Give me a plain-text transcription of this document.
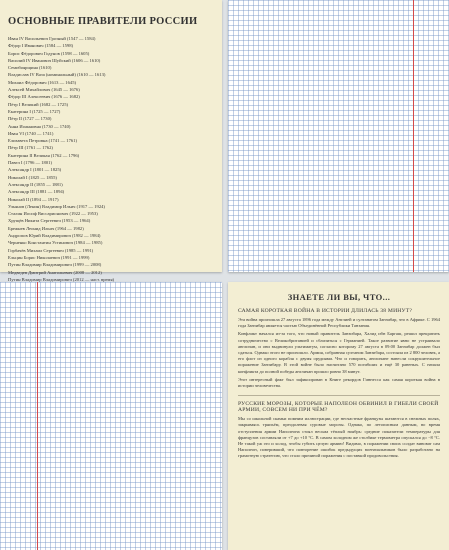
ОСНОВНЫЕ ПРАВИТЕЛИ РОССИИ
Иван IV Васильевич Грозный (1547 — 1584)
Фёдор I Иванович (1584 — 1598)
Борис Фёдорович Годунов (1598 — 1605)
Василий IV Иванович Шуйский (1606 — 1610)
Семибоярщина (1610)
Владислав IV Ваза (номинальный) (1610 — 1613)
Михаил Фёдорович (1613 — 1645)
Алексей Михайлович (1645 — 1676)
Фёдор III Алексеевич (1676 — 1682)
Пётр I Великий (1682 — 1725)
Екатерина I (1725 — 1727)
Пётр II (1727 — 1730)
Анна Иоанновна (1730 — 1740)
Иван VI (1740 — 1741)
Елизавета Петровна (1741 — 1761)
Пётр III (1761 — 1762)
Екатерина II Великая (1762 — 1796)
Павел I (1796 — 1801)
Александр I (1801 — 1825)
Николай I (1825 — 1855)
Александр II (1855 — 1881)
Александр III (1881 — 1894)
Николай II (1894 — 1917)
Ульянов (Ленин) Владимир Ильич (1917 — 1924)
Сталин Иосиф Виссарионович (1922 — 1953)
Хрущёв Никита Сергеевич (1953 — 1964)
Брежнев Леонид Ильич (1964 — 1982)
Андропов Юрий Владимирович (1982 — 1984)
Черненко Константин Устинович (1984 — 1985)
Горбачёв Михаил Сергеевич (1985 — 1991)
Ельцин Борис Николаевич (1991 — 1999)
Путин Владимир Владимирович (1999 — 2008)
Медведев Дмитрий Анатольевич (2008 — 2012)
Путин Владимир Владимирович (2012 — наст. время)
ЗНАЕТЕ ЛИ ВЫ, ЧТО...
САМАЯ КОРОТКАЯ ВОЙНА В ИСТОРИИ ДЛИЛАСЬ 38 МИНУТ?

Эта война произошла 27 августа 1896 года между Англией и султанатом Занзибар, что в Африке. С 1964 года Занзибар является частью Объединённой Республики Танзания.

Конфликт начался из-за того, что новый правитель Занзибара, Халид ибн Баргаш, решил прекратить сотрудничество с Великобританией и сблизиться с Германией. Такое развитие явно не устраивало англичан, и они выдвинули ультиматум, согласно которому 27 августа в 09:00 Занзибар должен был сдаться. Однако этого не произошло. Армия, собранная султаном Занзибара, состояла из 2 800 человек, а его флот из одного корабля с двумя орудиями. Что и говорить, англичане нанесли сокрушительное поражение Занзибару. В этой войне было насчитано 570 погибших и ещё 30 раненых. С начала конфликта до полной победы англичан прошло ровно 38 минут.

Этот интересный факт был зафиксирован в Книге рекордов Гиннесса как самая короткая война в истории человечества.

РУССКИЕ МОРОЗЫ, КОТОРЫЕ НАПОЛЕОН ОБВИНИЛ В ГИБЕЛИ СВОЕЙ АРМИИ, СОВСЕМ НИ ПРИ ЧЁМ?

Мы со школьной скамьи помним иллюстрации, где несчастные французы шатаются в снежных полях, закрываясь тряпьём, преодолевая суровые морозы. Однако, по летописным данным, во время отступления армии Наполеона стоял весьма тёплый ноябрь: средние показатели температуры для французов составляли от +7 до +10 °С. В самом холодном же столбике термометра опускался до −8 °С. Не такой уж это и холод, чтобы губить целую армию! Видимо, в поражении своих солдат виноват сам Наполеон, поверивший, что повторение ошибок предыдущих военачальников было разработано на грамотную стратегию, что стало причиной поражения с поставкой продовольствия.
